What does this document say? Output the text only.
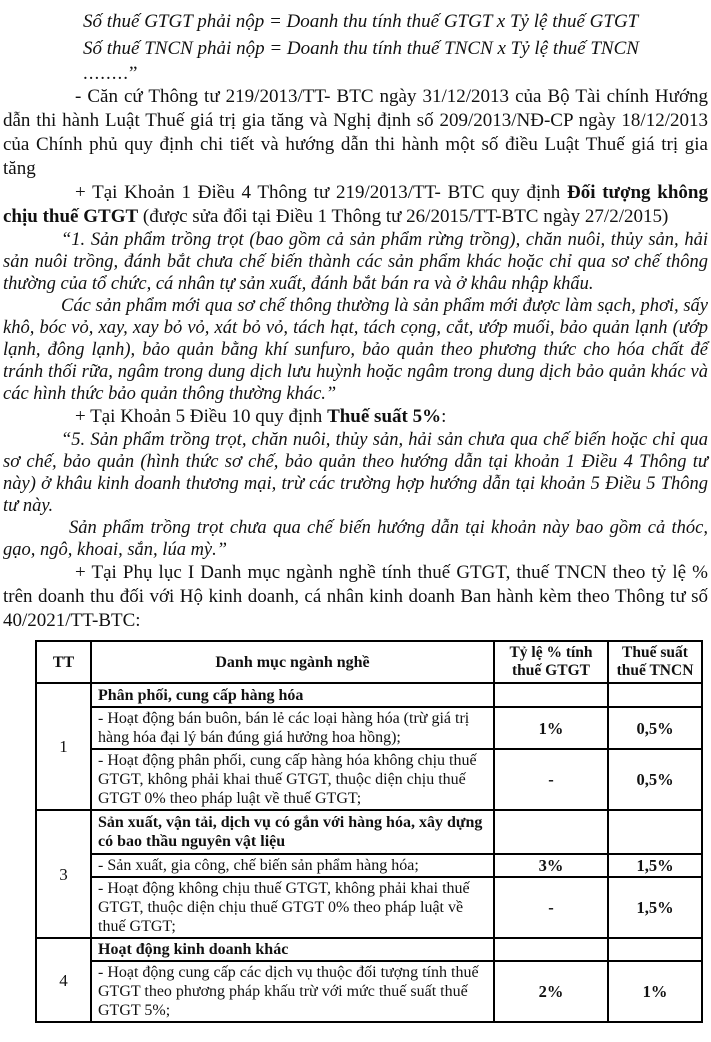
Số thuế GTGT phải nộp = Doanh thu tính thuế GTGT x Tỷ lệ thuế GTGT

Số thuế TNCN phải nộp = Doanh thu tính thuế TNCN x Tỷ lệ thuế TNCN

........”

- Căn cứ Thông tư 219/2013/TT- BTC ngày 31/12/2013 của Bộ Tài chính Hướng dẫn thi hành Luật Thuế giá trị gia tăng và Nghị định số 209/2013/NĐ-CP ngày 18/12/2013 của Chính phủ quy định chi tiết và hướng dẫn thi hành một số điều Luật Thuế giá trị gia tăng

+ Tại Khoản 1 Điều 4 Thông tư 219/2013/TT- BTC quy định Đối tượng không chịu thuế GTGT (được sửa đổi tại Điều 1 Thông tư 26/2015/TT-BTC ngày 27/2/2015)

“1. Sản phẩm trồng trọt (bao gồm cả sản phẩm rừng trồng), chăn nuôi, thủy sản, hải sản nuôi trồng, đánh bắt chưa chế biến thành các sản phẩm khác hoặc chỉ qua sơ chế thông thường của tổ chức, cá nhân tự sản xuất, đánh bắt bán ra và ở khâu nhập khẩu.

Các sản phẩm mới qua sơ chế thông thường là sản phẩm mới được làm sạch, phơi, sấy khô, bóc vỏ, xay, xay bỏ vỏ, xát bỏ vỏ, tách hạt, tách cọng, cắt, ướp muối, bảo quản lạnh (ướp lạnh, đông lạnh), bảo quản bằng khí sunfuro, bảo quản theo phương thức cho hóa chất để tránh thối rữa, ngâm trong dung dịch lưu huỳnh hoặc ngâm trong dung dịch bảo quản khác và các hình thức bảo quản thông thường khác.”

+ Tại Khoản 5 Điều 10 quy định Thuế suất 5%:

“5. Sản phẩm trồng trọt, chăn nuôi, thủy sản, hải sản chưa qua chế biến hoặc chỉ qua sơ chế, bảo quản (hình thức sơ chế, bảo quản theo hướng dẫn tại khoản 1 Điều 4 Thông tư này) ở khâu kinh doanh thương mại, trừ các trường hợp hướng dẫn tại khoản 5 Điều 5 Thông tư này.

Sản phẩm trồng trọt chưa qua chế biến hướng dẫn tại khoản này bao gồm cả thóc, gạo, ngô, khoai, sắn, lúa mỳ.”

+ Tại Phụ lục I Danh mục ngành nghề tính thuế GTGT, thuế TNCN theo tỷ lệ % trên doanh thu đối với Hộ kinh doanh, cá nhân kinh doanh Ban hành kèm theo Thông tư số 40/2021/TT-BTC:

TT	Danh mục ngành nghề	Tỷ lệ % tính thuế GTGT	Thuế suất thuế TNCN
1	Phân phối, cung cấp hàng hóa		
	- Hoạt động bán buôn, bán lẻ các loại hàng hóa (trừ giá trị hàng hóa đại lý bán đúng giá hưởng hoa hồng);	1%	0,5%
	- Hoạt động phân phối, cung cấp hàng hóa không chịu thuế GTGT, không phải khai thuế GTGT, thuộc diện chịu thuế GTGT 0% theo pháp luật về thuế GTGT;	-	0,5%
3	Sản xuất, vận tải, dịch vụ có gắn với hàng hóa, xây dựng có bao thầu nguyên vật liệu		
	- Sản xuất, gia công, chế biến sản phẩm hàng hóa;	3%	1,5%
	- Hoạt động không chịu thuế GTGT, không phải khai thuế GTGT, thuộc diện chịu thuế GTGT 0% theo pháp luật về thuế GTGT;	-	1,5%
4	Hoạt động kinh doanh khác		
	- Hoạt động cung cấp các dịch vụ thuộc đối tượng tính thuế GTGT theo phương pháp khấu trừ với mức thuế suất thuế GTGT 5%;	2%	1%
